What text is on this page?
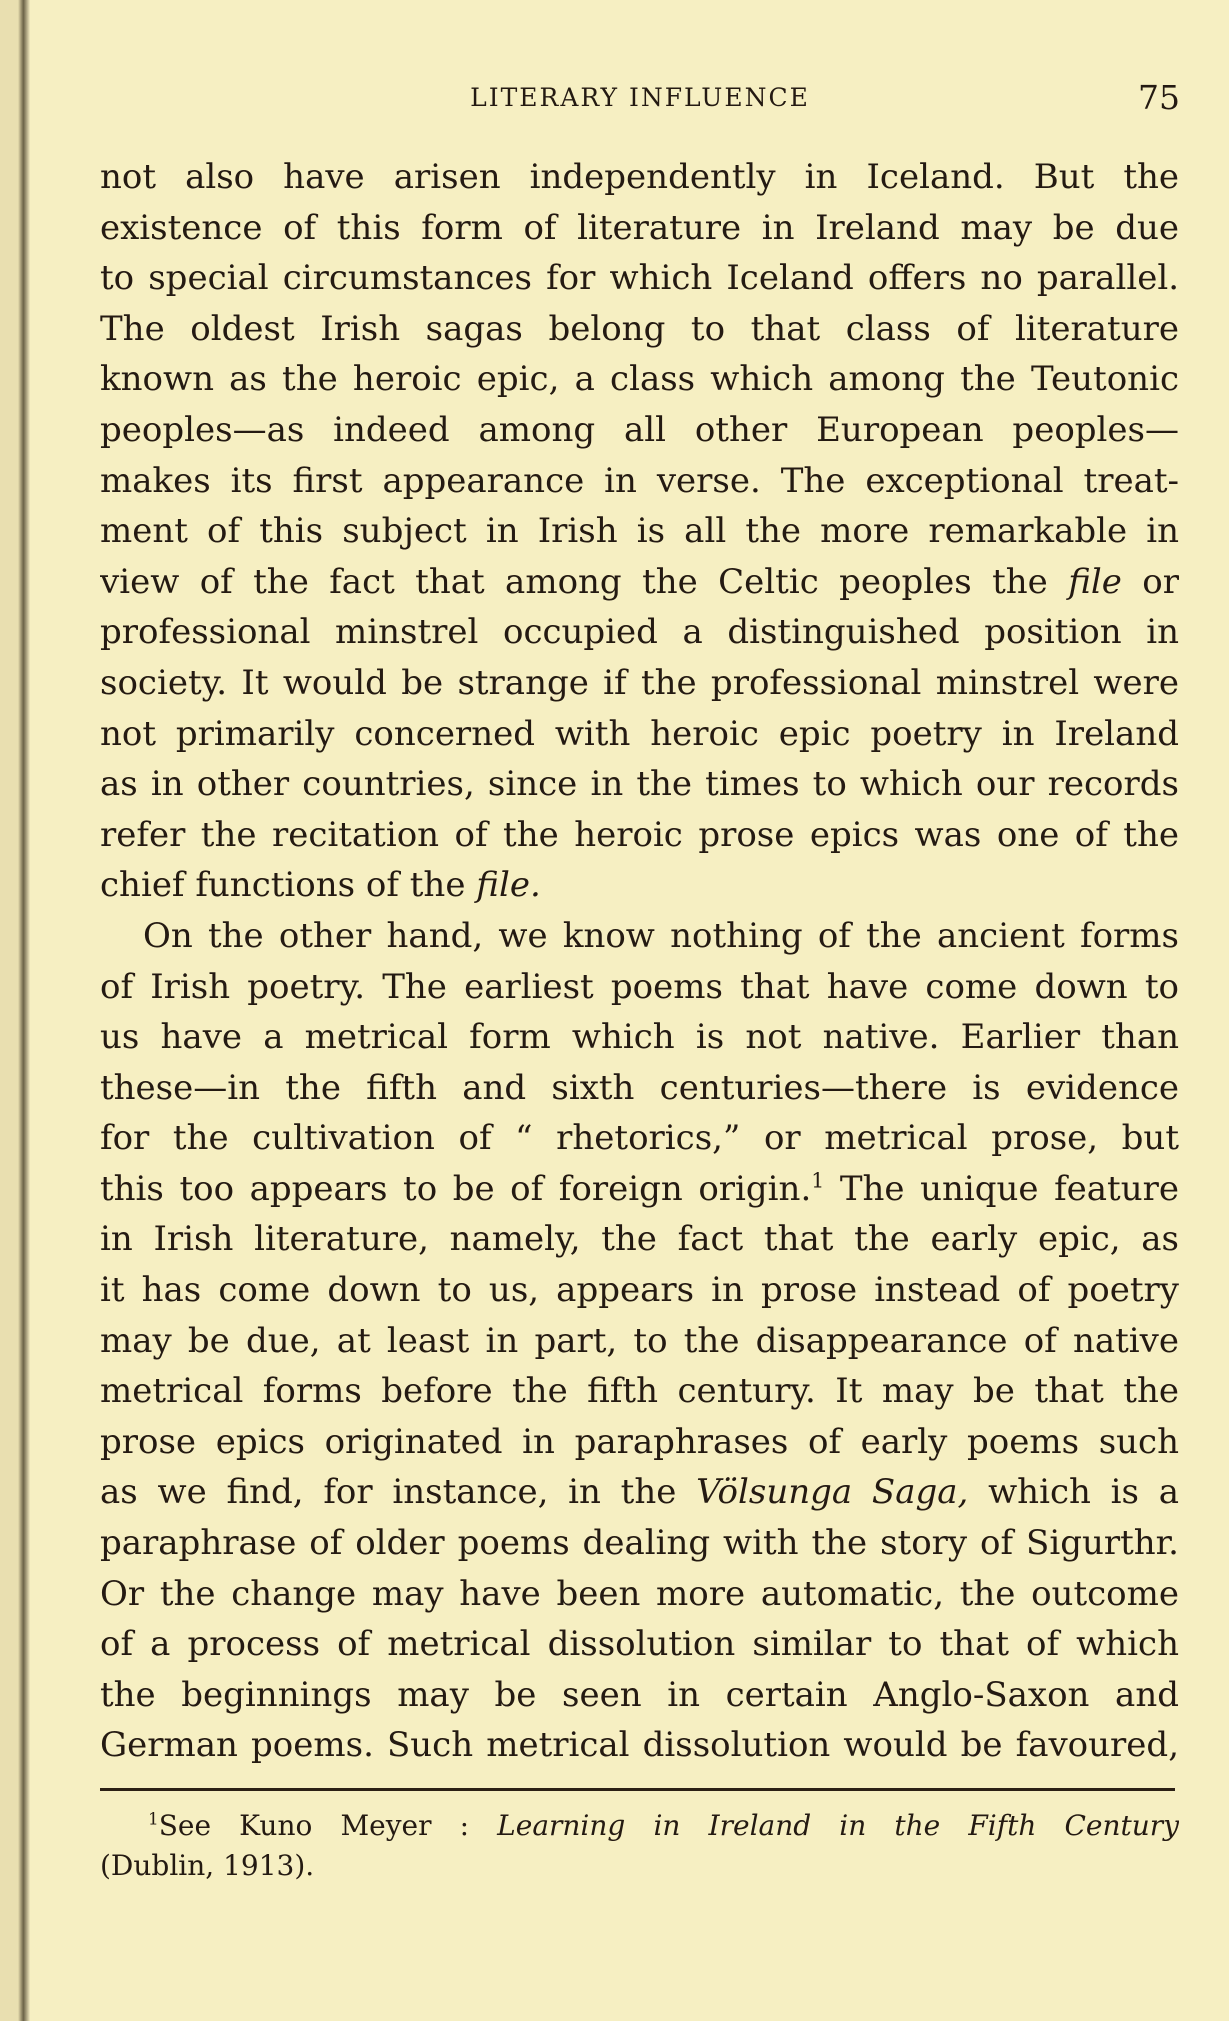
LITERARY INFLUENCE	75
not also have arisen independently in Iceland. But the
existence of this form of literature in Ireland may be due
to special circumstances for which Iceland offers no parallel.
The oldest Irish sagas belong to that class of literature
known as the heroic epic, a class which among the Teutonic
peoples—as indeed among all other European peoples—
makes its first appearance in verse. The exceptional treat-
ment of this subject in Irish is all the more remarkable in
view of the fact that among the Celtic peoples the file or
professional minstrel occupied a distinguished position in
society. It would be strange if the professional minstrel were
not primarily concerned with heroic epic poetry in Ireland
as in other countries, since in the times to which our records
refer the recitation of the heroic prose epics was one of the
chief functions of the file.
On the other hand, we know nothing of the ancient forms
of Irish poetry. The earliest poems that have come down to
us have a metrical form which is not native. Earlier than
these—in the fifth and sixth centuries—there is evidence
for the cultivation of “ rhetorics,” or metrical prose, but
this too appears to be of foreign origin.$^1$ The unique feature
in Irish literature, namely, the fact that the early epic, as
it has come down to us, appears in prose instead of poetry
may be due, at least in part, to the disappearance of native
metrical forms before the fifth century. It may be that the
prose epics originated in paraphrases of early poems such
as we find, for instance, in the Völsunga Saga, which is a
paraphrase of older poems dealing with the story of Sigurthr.
Or the change may have been more automatic, the outcome
of a process of metrical dissolution similar to that of which
the beginnings may be seen in certain Anglo-Saxon and
German poems. Such metrical dissolution would be favoured,
$^1$See Kuno Meyer : Learning in Ireland in the Fifth Century
(Dublin, 1913).
